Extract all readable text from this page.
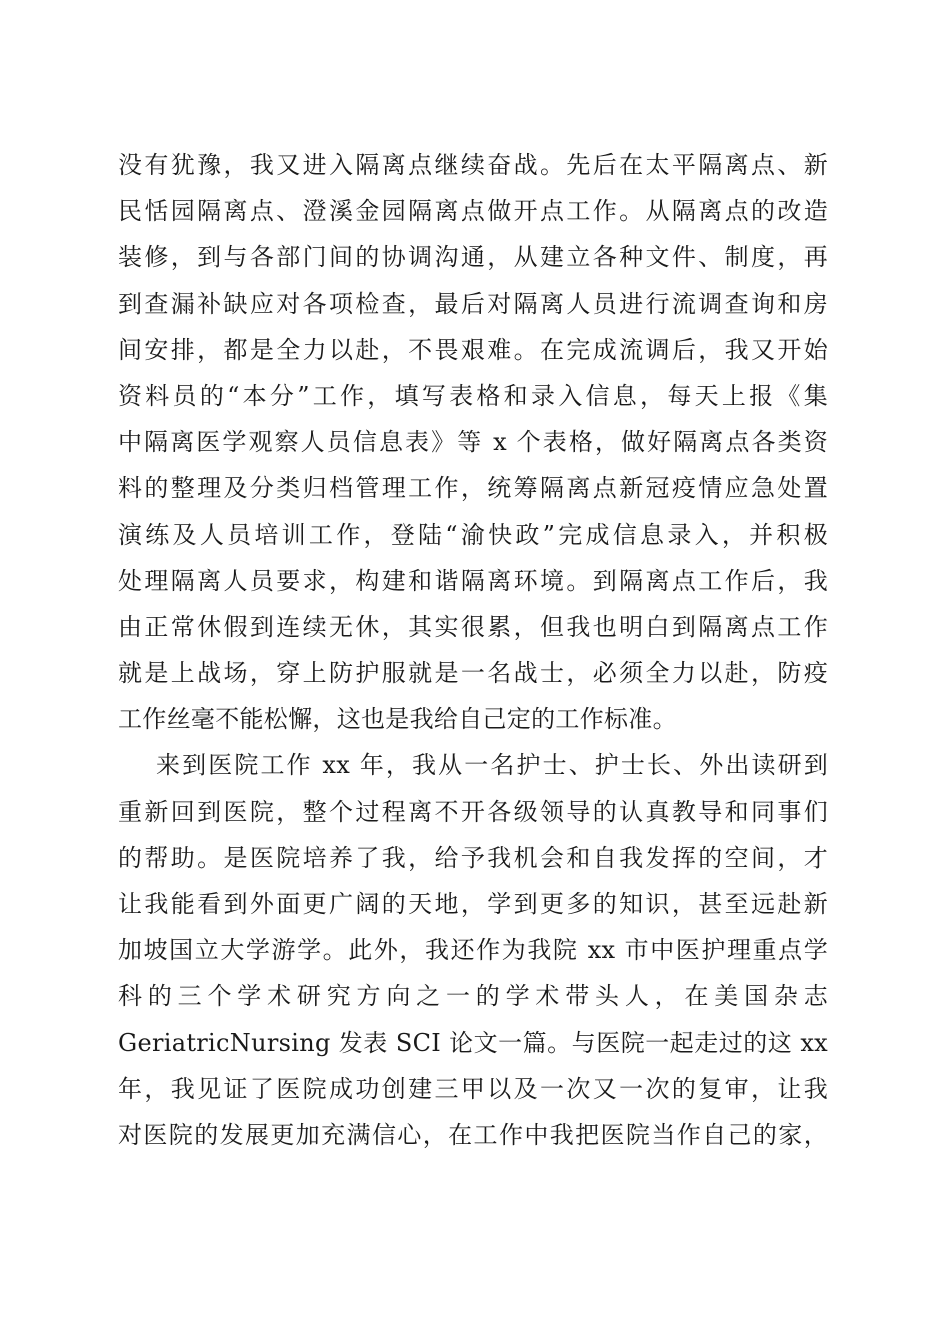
没有犹豫，我又进入隔离点继续奋战。先后在太平隔离点、新
民恬园隔离点、澄溪金园隔离点做开点工作。从隔离点的改造
装修，到与各部门间的协调沟通，从建立各种文件、制度，再
到查漏补缺应对各项检查，最后对隔离人员进行流调查询和房
间安排，都是全力以赴，不畏艰难。在完成流调后，我又开始
资料员的“本分”工作，填写表格和录入信息，每天上报《集
中隔离医学观察人员信息表》等 x 个表格，做好隔离点各类资
料的整理及分类归档管理工作，统筹隔离点新冠疫情应急处置
演练及人员培训工作，登陆“渝快政”完成信息录入，并积极
处理隔离人员要求，构建和谐隔离环境。到隔离点工作后，我
由正常休假到连续无休，其实很累，但我也明白到隔离点工作
就是上战场，穿上防护服就是一名战士，必须全力以赴，防疫
工作丝毫不能松懈，这也是我给自己定的工作标准。
来到医院工作 xx 年，我从一名护士、护士长、外出读研到
重新回到医院，整个过程离不开各级领导的认真教导和同事们
的帮助。是医院培养了我，给予我机会和自我发挥的空间，才
让我能看到外面更广阔的天地，学到更多的知识，甚至远赴新
加坡国立大学游学。此外，我还作为我院 xx 市中医护理重点学
科的三个学术研究方向之一的学术带头人，在美国杂志
GeriatricNursing 发表 SCI 论文一篇。与医院一起走过的这 xx
年，我见证了医院成功创建三甲以及一次又一次的复审，让我
对医院的发展更加充满信心，在工作中我把医院当作自己的家，
